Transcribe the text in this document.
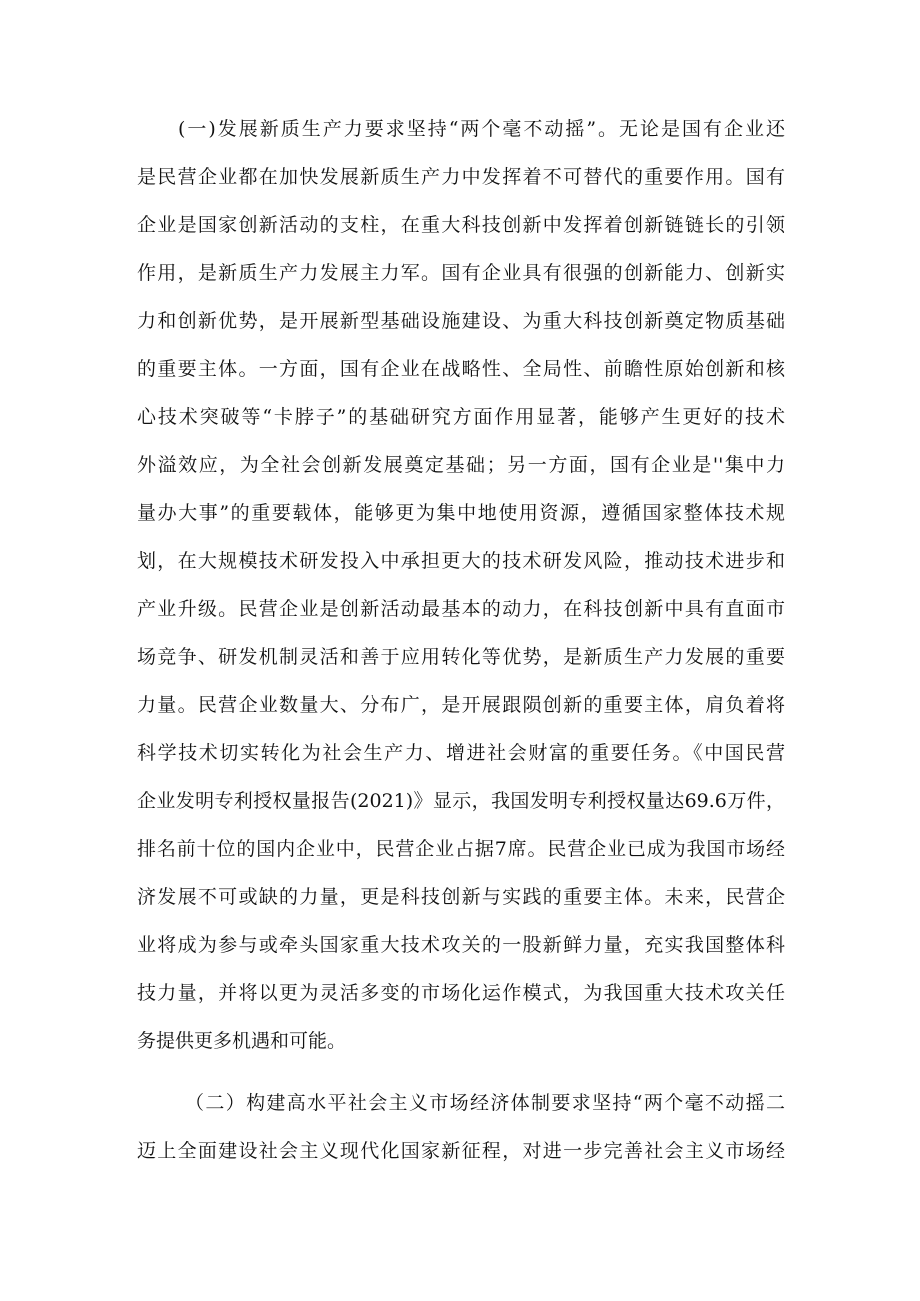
(一)发展新质生产力要求坚持“两个毫不动摇”。无论是国有企业还
是民营企业都在加快发展新质生产力中发挥着不可替代的重要作用。国有
企业是国家创新活动的支柱，在重大科技创新中发挥着创新链链长的引领
作用，是新质生产力发展主力军。国有企业具有很强的创新能力、创新实
力和创新优势，是开展新型基础设施建设、为重大科技创新奠定物质基础
的重要主体。一方面，国有企业在战略性、全局性、前瞻性原始创新和核
心技术突破等“卡脖子”的基础研究方面作用显著，能够产生更好的技术
外溢效应，为全社会创新发展奠定基础；另一方面，国有企业是''集中力
量办大事”的重要载体，能够更为集中地使用资源，遵循国家整体技术规
划，在大规模技术研发投入中承担更大的技术研发风险，推动技术进步和
产业升级。民营企业是创新活动最基本的动力，在科技创新中具有直面市
场竞争、研发机制灵活和善于应用转化等优势，是新质生产力发展的重要
力量。民营企业数量大、分布广，是开展跟陨创新的重要主体，肩负着将
科学技术切实转化为社会生产力、增进社会财富的重要任务。《中国民营
企业发明专利授权量报告(2021)》显示，我国发明专利授权量达69.6万件，
排名前十位的国内企业中，民营企业占据7席。民营企业已成为我国市场经
济发展不可或缺的力量，更是科技创新与实践的重要主体。未来，民营企
业将成为参与或牵头国家重大技术攻关的一股新鲜力量，充实我国整体科
技力量，并将以更为灵活多变的市场化运作模式，为我国重大技术攻关任
务提供更多机遇和可能。
（二）构建高水平社会主义市场经济体制要求坚持“两个毫不动摇二
迈上全面建设社会主义现代化国家新征程，对进一步完善社会主义市场经
